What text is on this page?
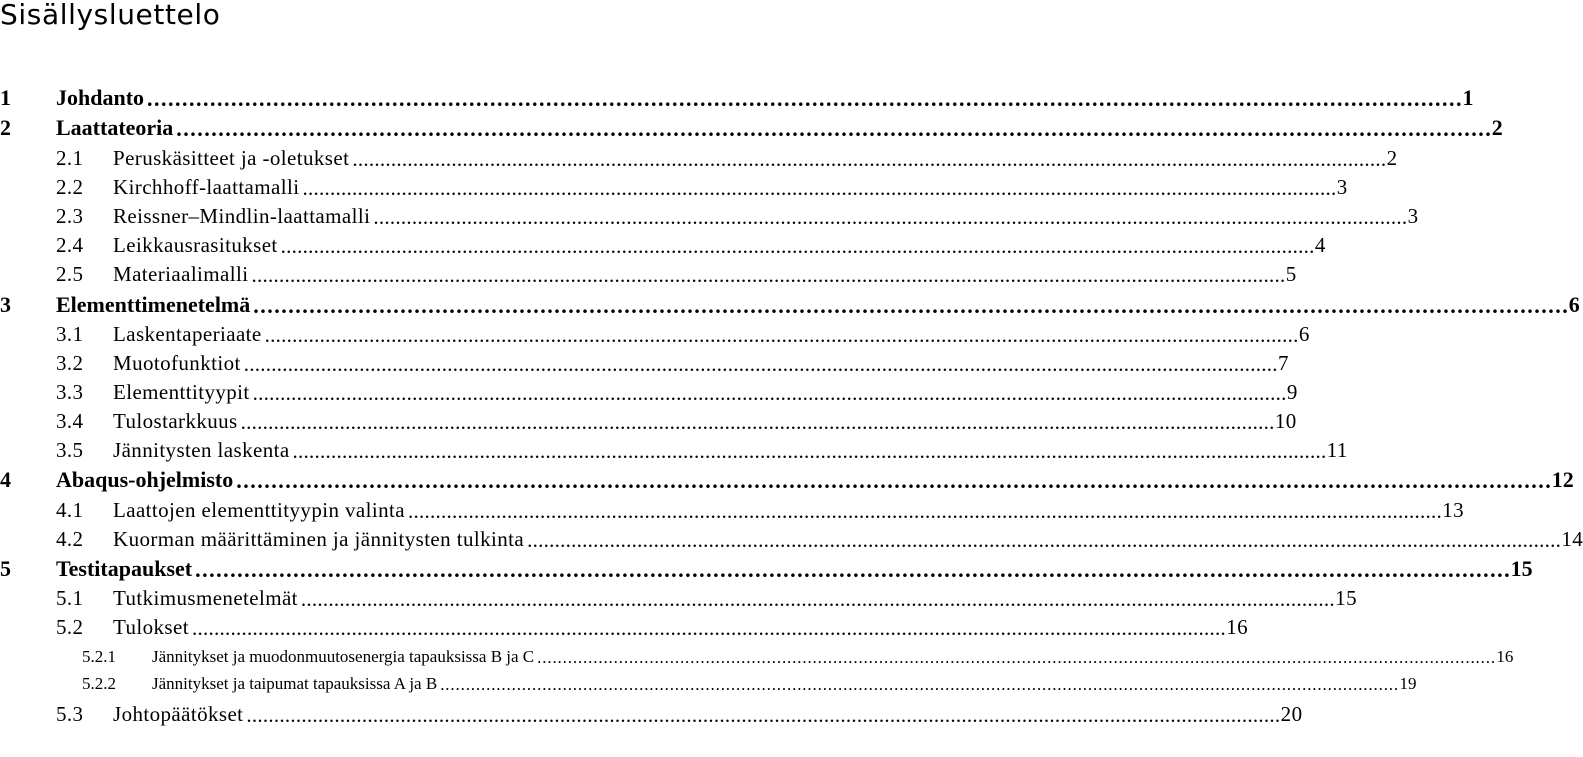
Sisällysluettelo
1	Johdanto . . .	1
2	Laattateoria . . .	2
2.1	Peruskäsitteet ja -oletukset . . .	2
2.2	Kirchhoff-laattamalli . . .	3
2.3	Reissner–Mindlin-laattamalli . . .	3
2.4	Leikkausrasitukset . . .	4
2.5	Materiaalimalli . . .	5
3	Elementtimenetelmä . . .	6
3.1	Laskentaperiaate . . .	6
3.2	Muotofunktiot . . .	7
3.3	Elementtityypit . . .	9
3.4	Tulostarkkuus . . .	10
3.5	Jännitysten laskenta . . .	11
4	Abaqus-ohjelmisto . . .	12
4.1	Laattojen elementtityypin valinta . . .	13
4.2	Kuorman määrittäminen ja jännitysten tulkinta . . .	14
5	Testitapaukset . . .	15
5.1	Tutkimusmenetelmät . . .	15
5.2	Tulokset . . .	16
5.2.1	Jännitykset ja muodonmuutosenergia tapauksissa B ja C . . .	16
5.2.2	Jännitykset ja taipumat tapauksissa A ja B . . .	19
5.3	Johtopäätökset . . .	20
